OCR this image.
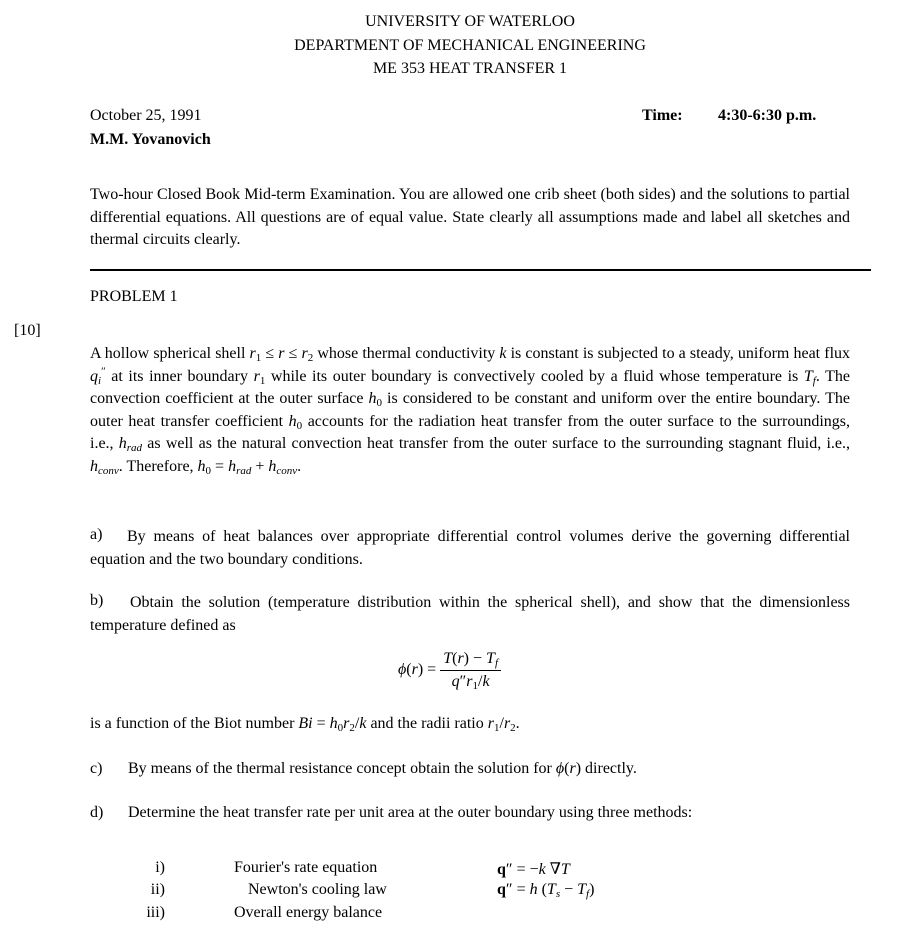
UNIVERSITY OF WATERLOO
DEPARTMENT OF MECHANICAL ENGINEERING
ME 353 HEAT TRANSFER 1
October 25, 1991	Time: 4:30-6:30 p.m.
M.M. Yovanovich
Two-hour Closed Book Mid-term Examination. You are allowed one crib sheet (both sides) and the solutions to partial differential equations. All questions are of equal value. State clearly all assumptions made and label all sketches and thermal circuits clearly.
PROBLEM 1
[10]
A hollow spherical shell $r_1 \le r \le r_2$ whose thermal conductivity k is constant is subjected to a steady, uniform heat flux $q_i''$ at its inner boundary $r_1$ while its outer boundary is convectively cooled by a fluid whose temperature is $T_f$. The convection coefficient at the outer surface $h_0$ is considered to be constant and uniform over the entire boundary. The outer heat transfer coefficient $h_0$ accounts for the radiation heat transfer from the outer surface to the surroundings, i.e., $h_{rad}$ as well as the natural convection heat transfer from the outer surface to the surrounding stagnant fluid, i.e., $h_{conv}$. Therefore, $h_0 = h_{rad} + h_{conv}$.
a)	By means of heat balances over appropriate differential control volumes derive the governing differential equation and the two boundary conditions.
b)	Obtain the solution (temperature distribution within the spherical shell), and show that the dimensionless temperature defined as
$\phi(r) = \frac{T(r) - T_f}{q''r_1/k}$
is a function of the Biot number $Bi = h_0r_2/k$ and the radii ratio $r_1/r_2$.
c) By means of the thermal resistance concept obtain the solution for ϕ(r) directly.
d) Determine the heat transfer rate per unit area at the outer boundary using three methods:
i)	Fourier's rate equation	q″ = −k ∇T
ii)	Newton's cooling law	q″ = h $(T_s - T_f)$
iii)	Overall energy balance
